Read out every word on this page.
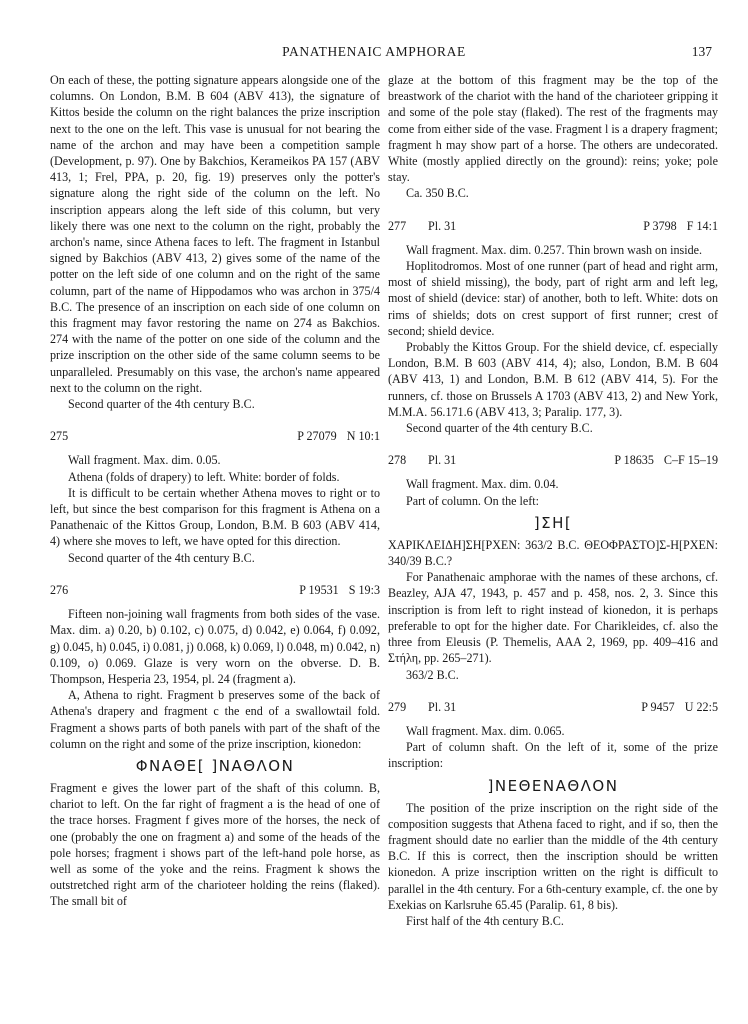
PANATHENAIC AMPHORAE	137

On each of these, the potting signature appears alongside one of the columns. On London, B.M. B 604 (ABV 413), the signature of Kittos beside the column on the right balances the prize inscription next to the one on the left. This vase is unusual for not bearing the name of the archon and may have been a competition sample (Development, p. 97). One by Bakchios, Kerameikos PA 157 (ABV 413, 1; Frel, PPA, p. 20, fig. 19) preserves only the potter's signature along the right side of the column on the left. No inscription appears along the left side of this column, but very likely there was one next to the column on the right, probably the archon's name, since Athena faces to left. The fragment in Istanbul signed by Bakchios (ABV 413, 2) gives some of the name of the potter on the left side of one column and on the right of the same column, part of the name of Hippodamos who was archon in 375/4 B.C. The presence of an inscription on each side of one column on this fragment may favor restoring the name on 274 as Bakchios. 274 with the name of the potter on one side of the column and the prize inscription on the other side of the same column seems to be unparalleled. Presumably on this vase, the archon's name appeared next to the column on the right.

Second quarter of the 4th century B.C.

275	P 27079 N 10:1

Wall fragment. Max. dim. 0.05.

Athena (folds of drapery) to left. White: border of folds.

It is difficult to be certain whether Athena moves to right or to left, but since the best comparison for this fragment is Athena on a Panathenaic of the Kittos Group, London, B.M. B 603 (ABV 414, 4) where she moves to left, we have opted for this direction.

Second quarter of the 4th century B.C.

276	P 19531 S 19:3

Fifteen non-joining wall fragments from both sides of the vase. Max. dim. a) 0.20, b) 0.102, c) 0.075, d) 0.042, e) 0.064, f) 0.092, g) 0.045, h) 0.045, i) 0.081, j) 0.068, k) 0.069, l) 0.048, m) 0.042, n) 0.109, o) 0.069. Glaze is very worn on the obverse. D. B. Thompson, Hesperia 23, 1954, pl. 24 (fragment a).

A, Athena to right. Fragment b preserves some of the back of Athena's drapery and fragment c the end of a swallowtail fold. Fragment a shows parts of both panels with part of the shaft of the column on the right and some of the prize inscription, kionedon:

ΦΝΑΘΕ[ ]ΝΑΘΛΟΝ

Fragment e gives the lower part of the shaft of this column. B, chariot to left. On the far right of fragment a is the head of one of the trace horses. Fragment f gives more of the horses, the neck of one (probably the one on fragment a) and some of the heads of the pole horses; fragment i shows part of the left-hand pole horse, as well as some of the yoke and the reins. Fragment k shows the outstretched right arm of the charioteer holding the reins (flaked). The small bit of

glaze at the bottom of this fragment may be the top of the breastwork of the chariot with the hand of the charioteer gripping it and some of the pole stay (flaked). The rest of the fragments may come from either side of the vase. Fragment l is a drapery fragment; fragment h may show part of a horse. The others are undecorated. White (mostly applied directly on the ground): reins; yoke; pole stay.

Ca. 350 B.C.

277	Pl. 31	P 3798 F 14:1

Wall fragment. Max. dim. 0.257. Thin brown wash on inside.

Hoplitodromos. Most of one runner (part of head and right arm, most of shield missing), the body, part of right arm and left leg, most of shield (device: star) of another, both to left. White: dots on rims of shields; dots on crest support of first runner; crest of second; shield device.

Probably the Kittos Group. For the shield device, cf. especially London, B.M. B 603 (ABV 414, 4); also, London, B.M. B 604 (ABV 413, 1) and London, B.M. B 612 (ABV 414, 5). For the runners, cf. those on Brussels A 1703 (ABV 413, 2) and New York, M.M.A. 56.171.6 (ABV 413, 3; Paralip. 177, 3).

Second quarter of the 4th century B.C.

278	Pl. 31	P 18635 C–F 15–19

Wall fragment. Max. dim. 0.04.

Part of column. On the left:

]ΣΗ[

ΧΑΡΙΚΛΕΙΔΗ]ΣΗ[ΡΧΕΝ: 363/2 B.C. ΘΕΟΦΡΑΣΤΟ]Σ-Η[ΡΧΕΝ: 340/39 B.C.?

For Panathenaic amphorae with the names of these archons, cf. Beazley, AJA 47, 1943, p. 457 and p. 458, nos. 2, 3. Since this inscription is from left to right instead of kionedon, it is perhaps preferable to opt for the higher date. For Charikleides, cf. also the three from Eleusis (P. Themelis, AAA 2, 1969, pp. 409–416 and Στήλη, pp. 265–271).

363/2 B.C.

279	Pl. 31	P 9457 U 22:5

Wall fragment. Max. dim. 0.065.

Part of column shaft. On the left of it, some of the prize inscription:

]ΝΕΘΕΝΑΘΛΟΝ

The position of the prize inscription on the right side of the composition suggests that Athena faced to right, and if so, then the fragment should date no earlier than the middle of the 4th century B.C. If this is correct, then the inscription should be written kionedon. A prize inscription written on the right is difficult to parallel in the 4th century. For a 6th-century example, cf. the one by Exekias on Karlsruhe 65.45 (Paralip. 61, 8 bis).

First half of the 4th century B.C.
